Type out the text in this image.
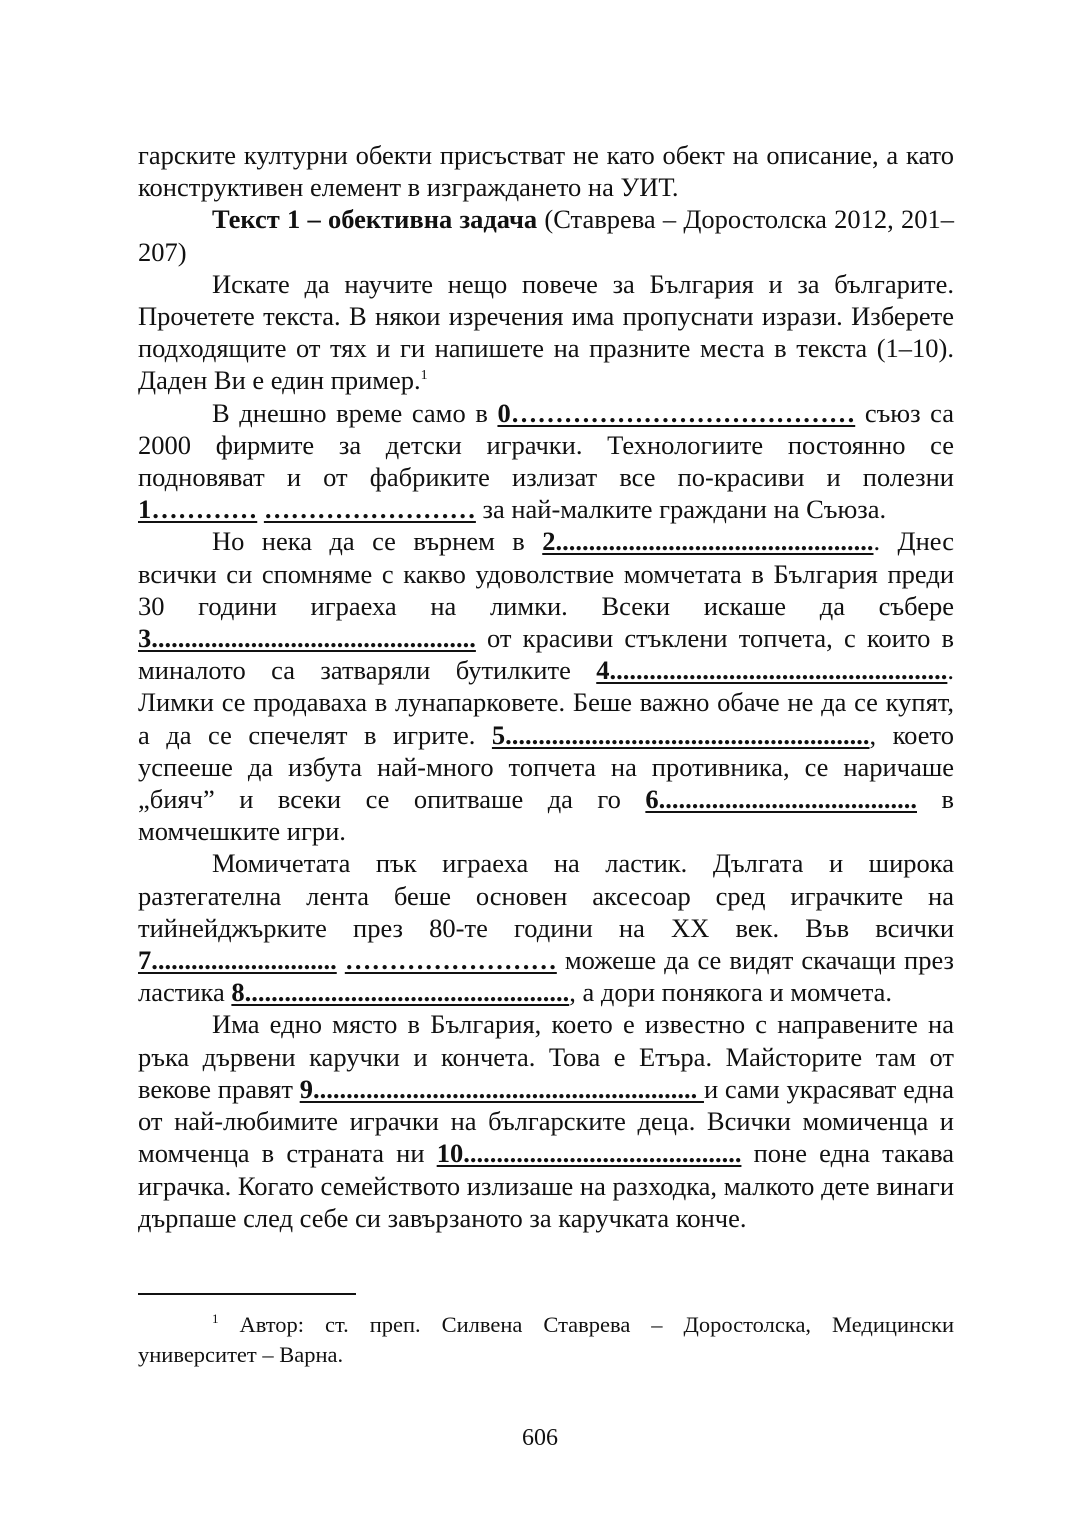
гарските културни обекти присъстват не като обект на описание, а като конструктивен елемент в изграждането на УИТ.

Текст 1 – обективна задача (Ставрева – Доростолска 2012, 201–207)

Искате да научите нещо повече за България и за българите. Прочетете текста. В някои изречения има пропуснати изрази. Изберете подходящите от тях и ги напишете на празните места в текста (1–10). Даден Ви е един пример.$^1$

В днешно време само в 0………………………………… съюз са 2000 фирмите за детски играчки. Технологиите постоянно се подновяват и от фабриките излизат все по-красиви и полезни 1………… …………………… за най-малките граждани на Съюза.

Но нека да се върнем в 2................................................. Днес всички си спомняме с какво удоволствие момчетата в България преди 30 години играеха на лимки. Всеки искаше да събере 3................................................. от красиви стъклени топчета, с които в миналото са затваряли бутилките 4.................................................... Лимки се продаваха в лунапарковете. Беше важно обаче не да се купят, а да се спечелят в игрите. 5......................................................., което успееше да избута най-много топчета на противника, се наричаше „бияч” и всеки се опитваше да го 6....................................... в момчешките игри.

Момичетата пък играеха на ластик. Дългата и широка разтегателна лента беше основен аксесоар сред играчките на тийнейджърките през 80-те години на XX век. Във всички 7............................ …………………… можеше да се видят скачащи през ластика 8................................................., а дори понякога и момчета.

Има едно място в България, което е известно с направените на ръка дървени каручки и кончета. Това е Етъра. Майсторите там от векове правят 9.......................................................... и сами украсяват една от най-любимите играчки на българските деца. Всички момиченца и момченца в страната ни 10.......................................... поне една такава играчка. Когато семейството излизаше на разходка, малкото дете винаги дърпаше след себе си завързаното за каручката конче.

$^1$ Автор: ст. преп. Силвена Ставрева – Доростолска, Медицински университет – Варна.
606
